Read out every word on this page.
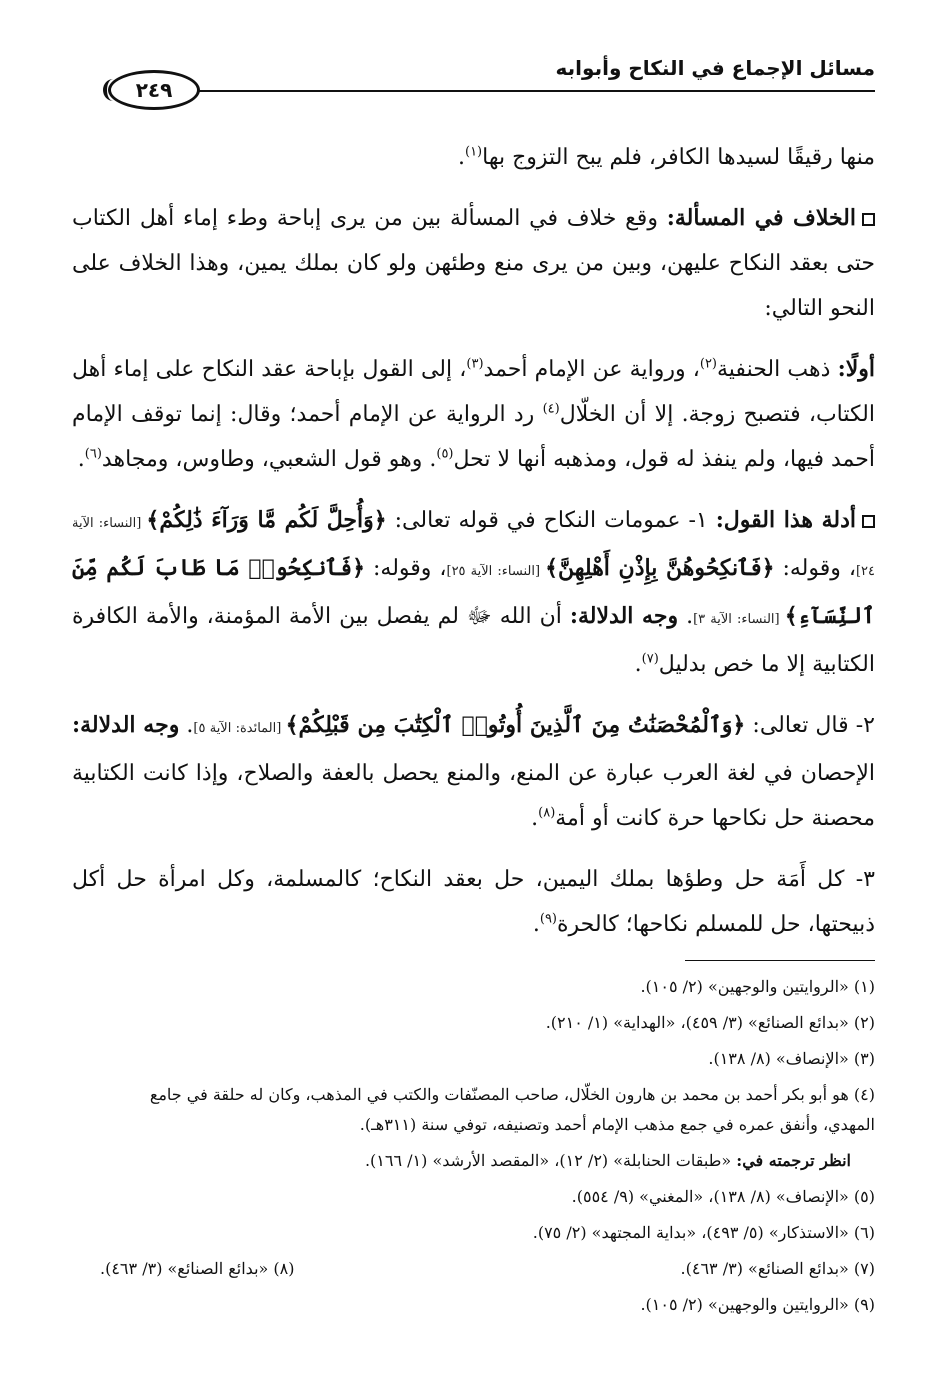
مسائل الإجماع في النكاح وأبوابه
٢٤٩

منها رقيقًا لسيدها الكافر، فلم يبح التزوج بها$^{(١)}$.

الخلاف في المسألة: وقع خلاف في المسألة بين من يرى إباحة وطء إماء أهل الكتاب حتى بعقد النكاح عليهن، وبين من يرى منع وطئهن ولو كان بملك يمين، وهذا الخلاف على النحو التالي:

أولًا: ذهب الحنفية$^{(٢)}$، ورواية عن الإمام أحمد$^{(٣)}$، إلى القول بإباحة عقد النكاح على إماء أهل الكتاب، فتصبح زوجة. إلا أن الخلّال$^{(٤)}$ رد الرواية عن الإمام أحمد؛ وقال: إنما توقف الإمام أحمد فيها، ولم ينفذ له قول، ومذهبه أنها لا تحل$^{(٥)}$. وهو قول الشعبي، وطاوس، ومجاهد$^{(٦)}$.

أدلة هذا القول: ١- عمومات النكاح في قوله تعالى: ﴿وَأُحِلَّ لَكُم مَّا وَرَآءَ ذَٰلِكُمْ﴾ [النساء: الآية ٢٤]، وقوله: ﴿فَٱنكِحُوهُنَّ بِإِذْنِ أَهْلِهِنَّ﴾ [النساء: الآية ٢٥]، وقوله: ﴿فَٱنكِحُوا۟ مَا طَابَ لَكُم مِّنَ ٱلنِّسَآءِ﴾ [النساء: الآية ٣]. وجه الدلالة: أن الله ﷻ لم يفصل بين الأمة المؤمنة، والأمة الكافرة الكتابية إلا ما خص بدليل$^{(٧)}$.

٢- قال تعالى: ﴿وَٱلْمُحْصَنَٰتُ مِنَ ٱلَّذِينَ أُوتُوا۟ ٱلْكِتَٰبَ مِن قَبْلِكُمْ﴾ [المائدة: الآية ٥]. وجه الدلالة: الإحصان في لغة العرب عبارة عن المنع، والمنع يحصل بالعفة والصلاح، وإذا كانت الكتابية محصنة حل نكاحها حرة كانت أو أمة$^{(٨)}$.

٣- كل أَمَة حل وطؤها بملك اليمين، حل بعقد النكاح؛ كالمسلمة، وكل امرأة حل أكل ذبيحتها، حل للمسلم نكاحها؛ كالحرة$^{(٩)}$.

(١) «الروايتين والوجهين» (٢/ ١٠٥).
(٢) «بدائع الصنائع» (٣/ ٤٥٩)، «الهداية» (١/ ٢١٠).
(٣) «الإنصاف» (٨/ ١٣٨).
(٤) هو أبو بكر أحمد بن محمد بن هارون الخلّال، صاحب المصنّفات والكتب في المذهب، وكان له حلقة في جامع المهدي، وأنفق عمره في جمع مذهب الإمام أحمد وتصنيفه، توفي سنة (٣١١هـ).
انظر ترجمته في: «طبقات الحنابلة» (٢/ ١٢)، «المقصد الأرشد» (١/ ١٦٦).
(٥) «الإنصاف» (٨/ ١٣٨)، «المغني» (٩/ ٥٥٤).
(٦) «الاستذكار» (٥/ ٤٩٣)، «بداية المجتهد» (٢/ ٧٥).
(٧) «بدائع الصنائع» (٣/ ٤٦٣).
(٨) «بدائع الصنائع» (٣/ ٤٦٣).
(٩) «الروايتين والوجهين» (٢/ ١٠٥).
